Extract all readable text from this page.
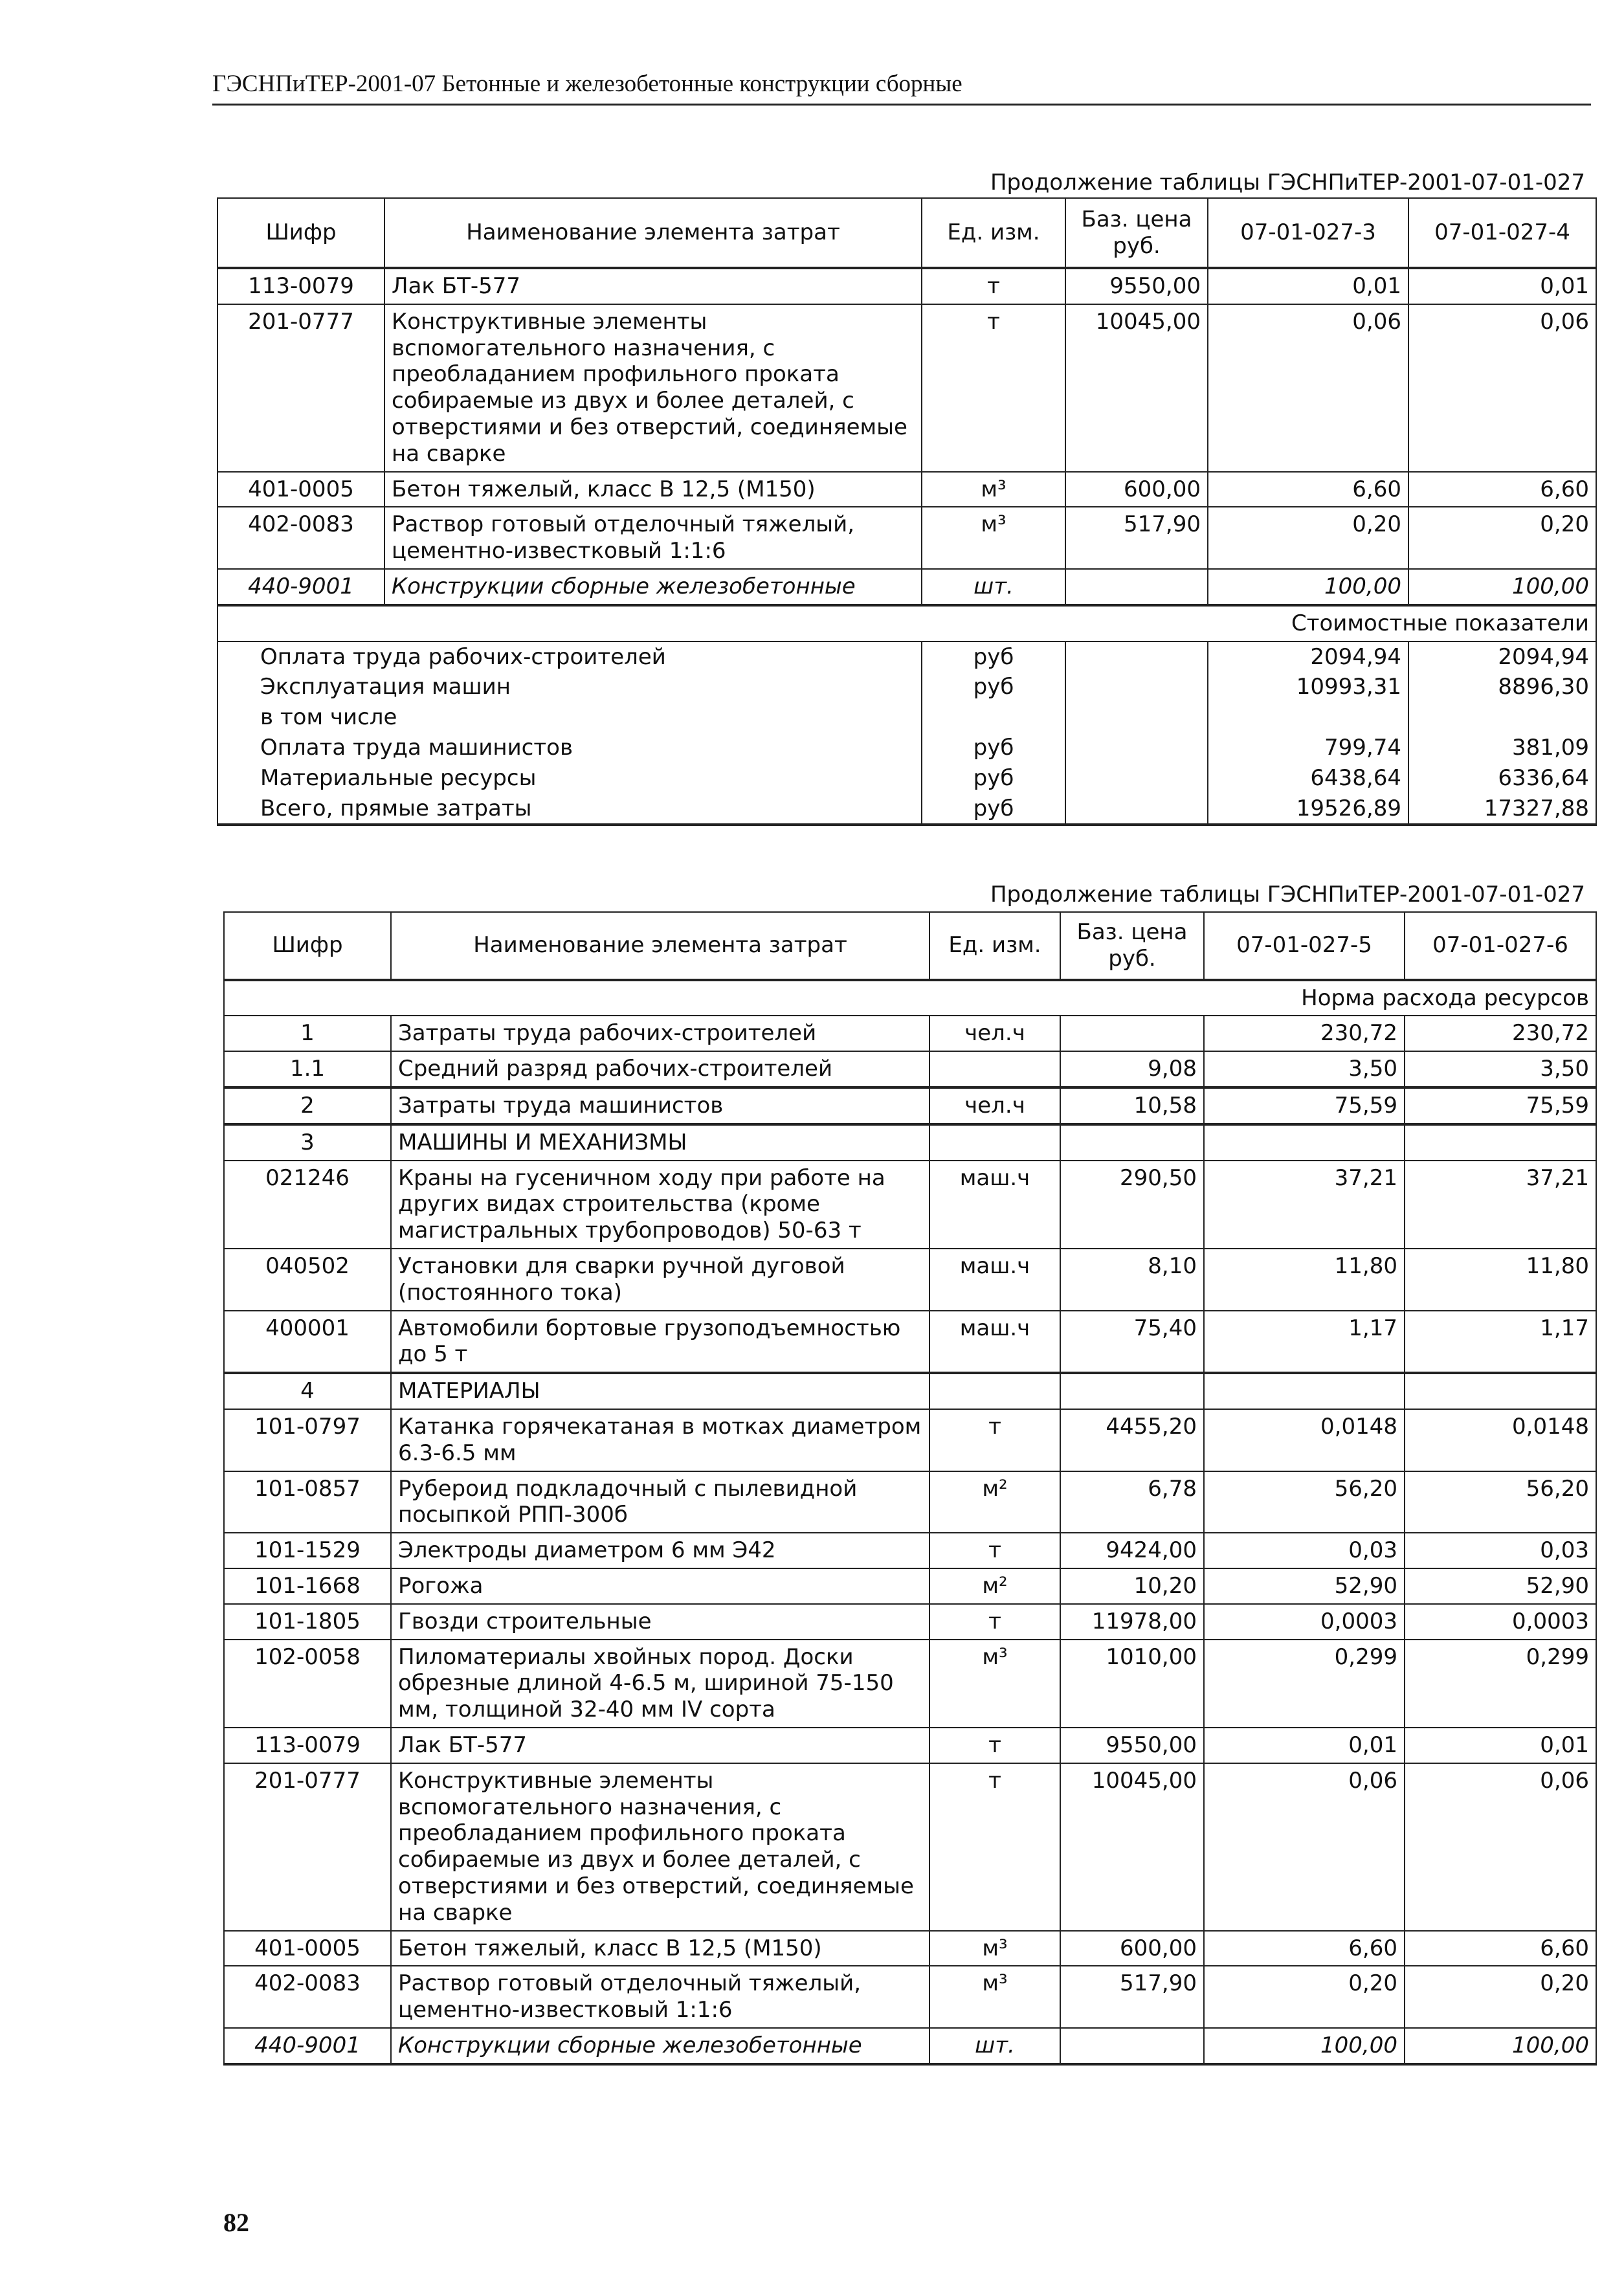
ГЭСНПиТЕР-2001-07 Бетонные и железобетонные конструкции сборные
Продолжение таблицы ГЭСНПиТЕР-2001-07-01-027
Шифр	Наименование элемента затрат	Ед. изм.	Баз. цена руб.	07-01-027-3	07-01-027-4
113-0079	Лак БТ-577	т	9550,00	0,01	0,01
201-0777	Конструктивные элементы вспомогательного назначения, с преобладанием профильного проката собираемые из двух и более деталей, с отверстиями и без отверстий, соединяемые на сварке	т	10045,00	0,06	0,06
401-0005	Бетон тяжелый, класс В 12,5 (М150)	м³	600,00	6,60	6,60
402-0083	Раствор готовый отделочный тяжелый, цементно-известковый 1:1:6	м³	517,90	0,20	0,20
440-9001	Конструкции сборные железобетонные	шт.		100,00	100,00
Стоимостные показатели					
Оплата труда рабочих-строителей		руб		2094,94	2094,94
Эксплуатация машин		руб		10993,31	8896,30
в том числе					
Оплата труда машинистов		руб		799,74	381,09
Материальные ресурсы		руб		6438,64	6336,64
Всего, прямые затраты		руб		19526,89	17327,88
Продолжение таблицы ГЭСНПиТЕР-2001-07-01-027
Шифр	Наименование элемента затрат	Ед. изм.	Баз. цена руб.	07-01-027-5	07-01-027-6
Норма расхода ресурсов					
1	Затраты труда рабочих-строителей	чел.ч		230,72	230,72
1.1	Средний разряд рабочих-строителей		9,08	3,50	3,50
2	Затраты труда машинистов	чел.ч	10,58	75,59	75,59
3	МАШИНЫ И МЕХАНИЗМЫ				
021246	Краны на гусеничном ходу при работе на других видах строительства (кроме магистральных трубопроводов) 50-63 т	маш.ч	290,50	37,21	37,21
040502	Установки для сварки ручной дуговой (постоянного тока)	маш.ч	8,10	11,80	11,80
400001	Автомобили бортовые грузоподъемностью до 5 т	маш.ч	75,40	1,17	1,17
4	МАТЕРИАЛЫ				
101-0797	Катанка горячекатаная в мотках диаметром 6.3-6.5 мм	т	4455,20	0,0148	0,0148
101-0857	Рубероид подкладочный с пылевидной посыпкой РПП-300б	м²	6,78	56,20	56,20
101-1529	Электроды диаметром 6 мм Э42	т	9424,00	0,03	0,03
101-1668	Рогожа	м²	10,20	52,90	52,90
101-1805	Гвозди строительные	т	11978,00	0,0003	0,0003
102-0058	Пиломатериалы хвойных пород. Доски обрезные длиной 4-6.5 м, шириной 75-150 мм, толщиной 32-40 мм IV сорта	м³	1010,00	0,299	0,299
113-0079	Лак БТ-577	т	9550,00	0,01	0,01
201-0777	Конструктивные элементы вспомогательного назначения, с преобладанием профильного проката собираемые из двух и более деталей, с отверстиями и без отверстий, соединяемые на сварке	т	10045,00	0,06	0,06
401-0005	Бетон тяжелый, класс В 12,5 (М150)	м³	600,00	6,60	6,60
402-0083	Раствор готовый отделочный тяжелый, цементно-известковый 1:1:6	м³	517,90	0,20	0,20
440-9001	Конструкции сборные железобетонные	шт.		100,00	100,00
82
